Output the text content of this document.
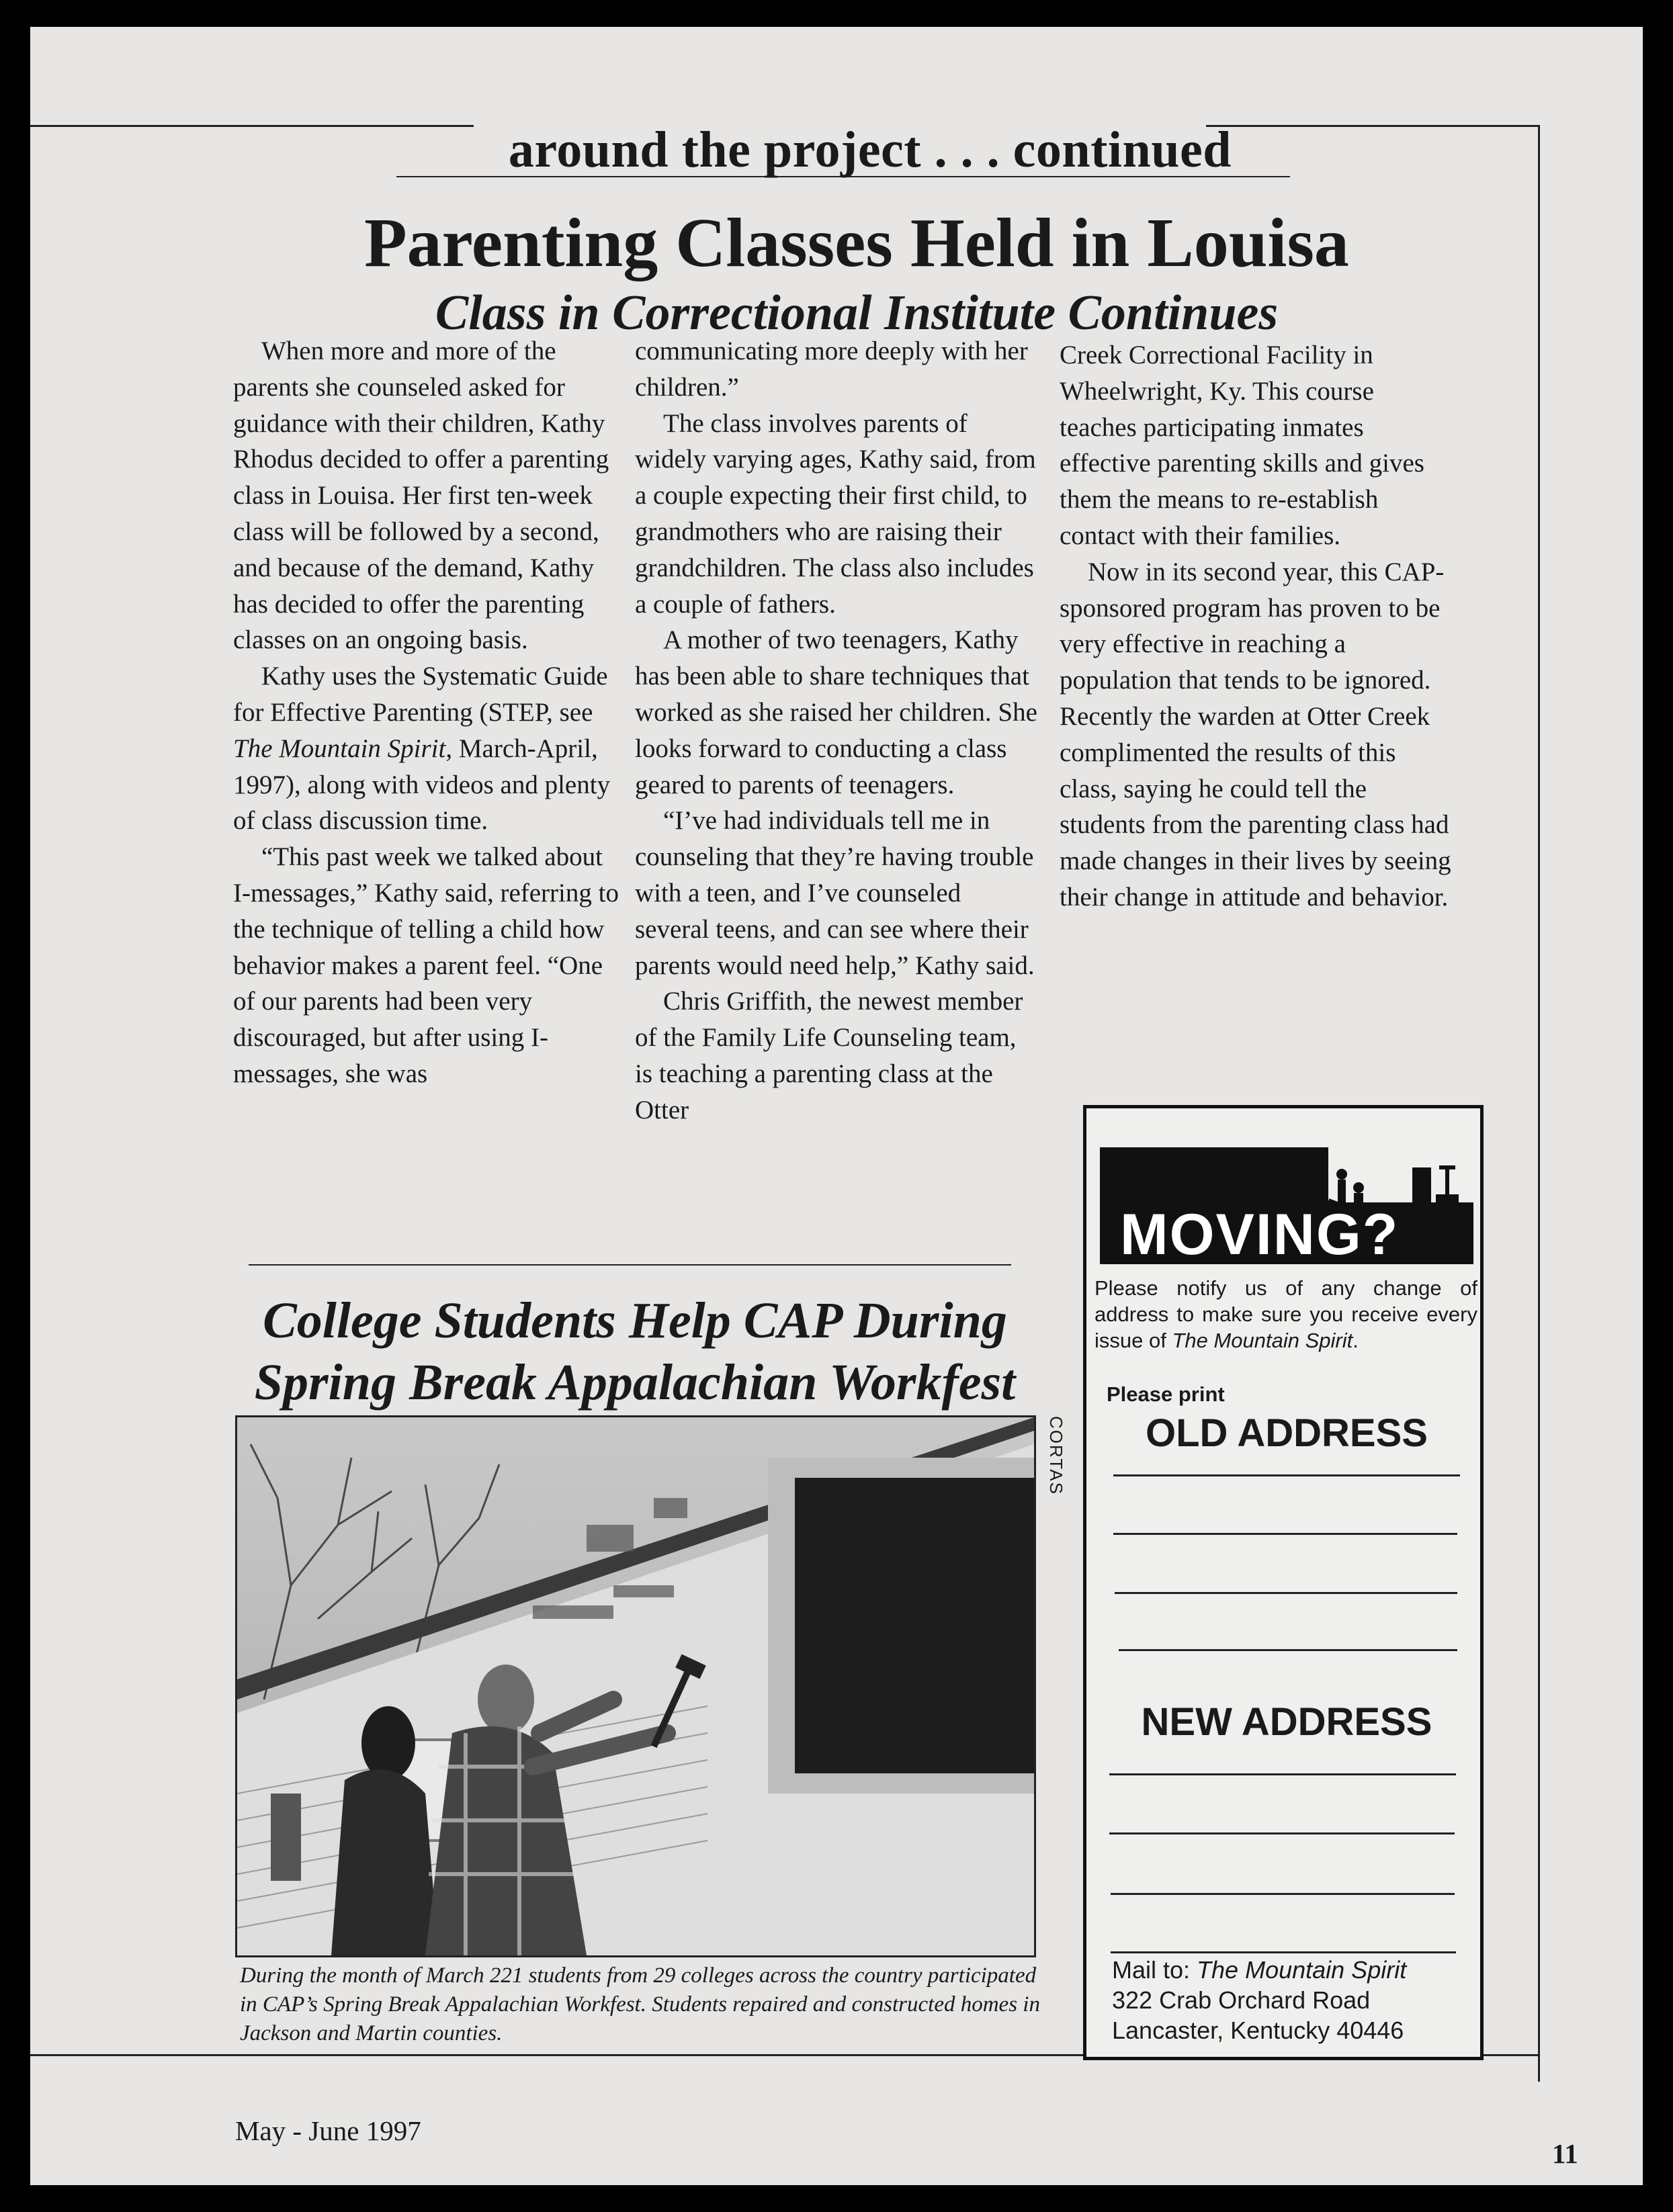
around the project . . . continued
Parenting Classes Held in Louisa
Class in Correctional Institute Continues

When more and more of the parents she counseled asked for guidance with their children, Kathy Rhodus decided to offer a parenting class in Louisa. Her first ten-week class will be followed by a second, and because of the demand, Kathy has decided to offer the parenting classes on an ongoing basis.

Kathy uses the Systematic Guide for Effective Parenting (STEP, see The Mountain Spirit, March-April, 1997), along with videos and plenty of class discussion time.

“This past week we talked about I-messages,” Kathy said, referring to the technique of telling a child how behavior makes a parent feel. “One of our parents had been very discouraged, but after using I-messages, she was

communicating more deeply with her children.”

The class involves parents of widely varying ages, Kathy said, from a couple expecting their first child, to grandmothers who are raising their grandchildren. The class also includes a couple of fathers.

A mother of two teenagers, Kathy has been able to share techniques that worked as she raised her children. She looks forward to conducting a class geared to parents of teenagers.

“I’ve had individuals tell me in counseling that they’re having trouble with a teen, and I’ve counseled several teens, and can see where their parents would need help,” Kathy said.

Chris Griffith, the newest member of the Family Life Counseling team, is teaching a parenting class at the Otter

Creek Correctional Facility in Wheelwright, Ky. This course teaches participating inmates effective parenting skills and gives them the means to re-establish contact with their families.

Now in its second year, this CAP-sponsored program has proven to be very effective in reaching a population that tends to be ignored. Recently the warden at Otter Creek complimented the results of this class, saying he could tell the students from the parenting class had made changes in their lives by seeing their change in attitude and behavior.

College Students Help CAP During
Spring Break Appalachian Workfest
CORTAS
During the month of March 221 students from 29 colleges across the country participated in CAP’s Spring Break Appalachian Workfest. Students repaired and constructed homes in Jackson and Martin counties.
MOVING?
Please notify us of any change of address to make sure you receive every issue of The Mountain Spirit.
Please print
OLD ADDRESS
NEW ADDRESS
Mail to: The Mountain Spirit
322 Crab Orchard Road
Lancaster, Kentucky 40446
May - June 1997
11
